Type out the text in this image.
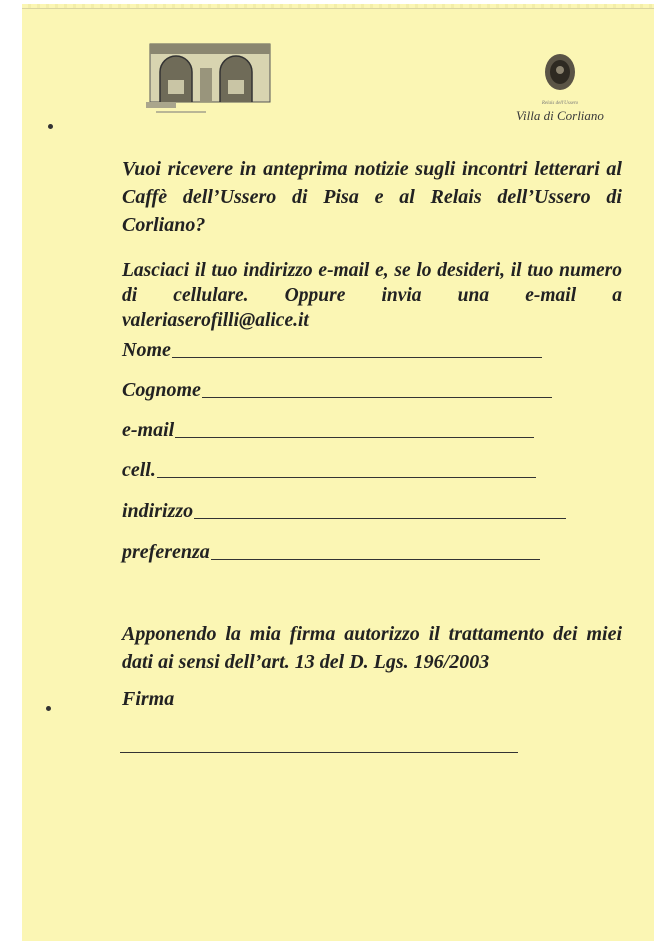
Relais dell'Ussero
Villa di Corliano
Vuoi ricevere in anteprima notizie sugli incontri letterari al Caffè dell’Ussero di Pisa e al Relais dell’Ussero di Corliano?
Lasciaci il tuo indirizzo e-mail e, se lo desideri, il tuo numero di cellulare. Oppure invia una e-mail a valeriaserofilli@alice.it
Nome
Cognome
e-mail
cell.
indirizzo
preferenza
Apponendo la mia firma autorizzo il trattamento dei miei dati ai sensi dell’art. 13 del D. Lgs. 196/2003
Firma
